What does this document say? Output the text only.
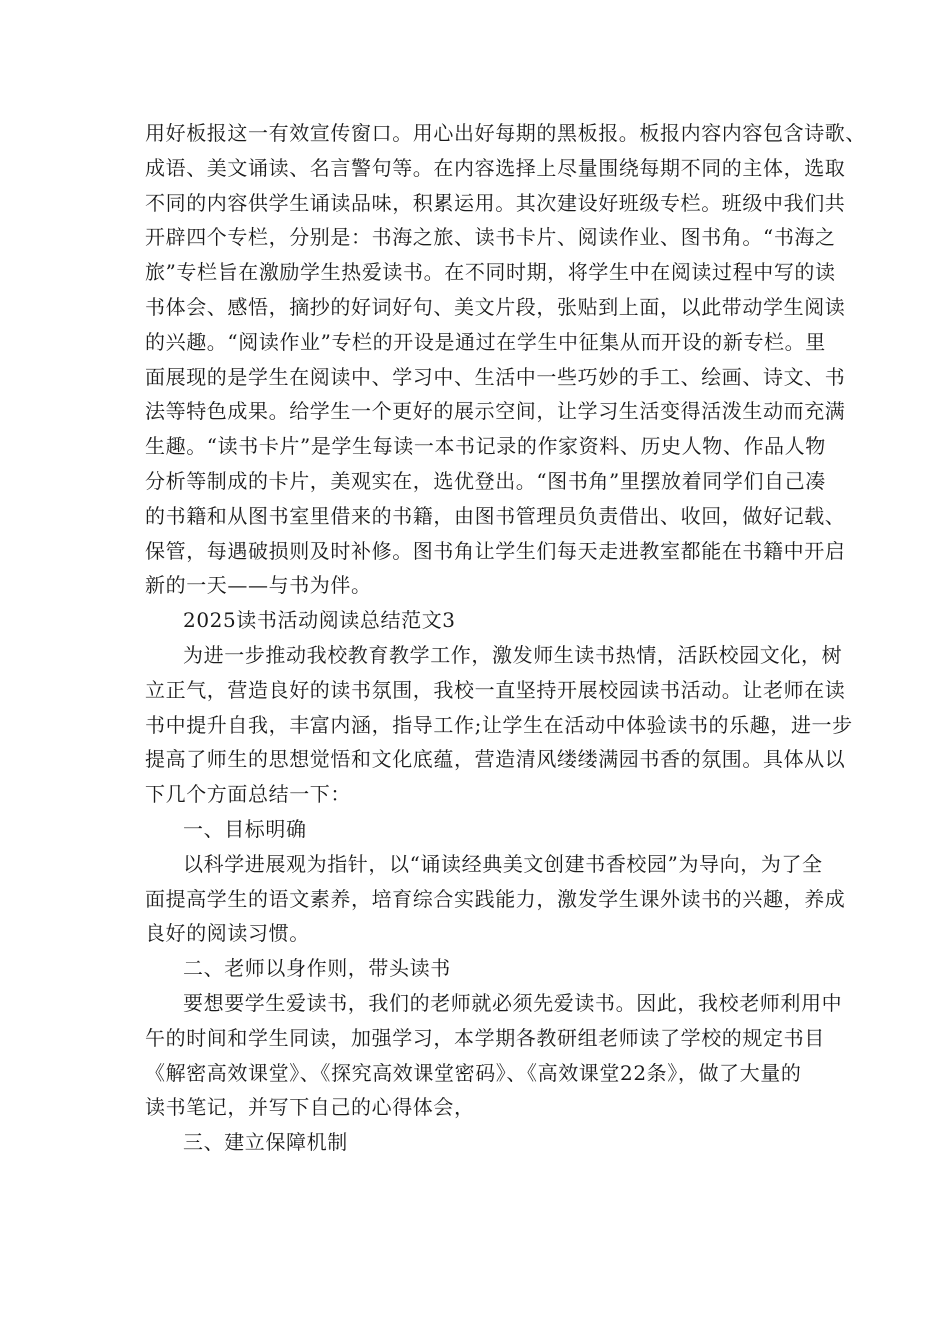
用好板报这一有效宣传窗口。用心出好每期的黑板报。板报内容内容包含诗歌、
成语、美文诵读、名言警句等。在内容选择上尽量围绕每期不同的主体，选取
不同的内容供学生诵读品味，积累运用。其次建设好班级专栏。班级中我们共
开辟四个专栏，分别是：书海之旅、读书卡片、阅读作业、图书角。“书海之
旅”专栏旨在激励学生热爱读书。在不同时期，将学生中在阅读过程中写的读
书体会、感悟，摘抄的好词好句、美文片段，张贴到上面，以此带动学生阅读
的兴趣。“阅读作业”专栏的开设是通过在学生中征集从而开设的新专栏。里
面展现的是学生在阅读中、学习中、生活中一些巧妙的手工、绘画、诗文、书
法等特色成果。给学生一个更好的展示空间，让学习生活变得活泼生动而充满
生趣。“读书卡片”是学生每读一本书记录的作家资料、历史人物、作品人物
分析等制成的卡片，美观实在，选优登出。“图书角”里摆放着同学们自己凑
的书籍和从图书室里借来的书籍，由图书管理员负责借出、收回，做好记载、
保管，每遇破损则及时补修。图书角让学生们每天走进教室都能在书籍中开启
新的一天——与书为伴。
2025读书活动阅读总结范文3
为进一步推动我校教育教学工作，激发师生读书热情，活跃校园文化，树
立正气，营造良好的读书氛围，我校一直坚持开展校园读书活动。让老师在读
书中提升自我，丰富内涵，指导工作;让学生在活动中体验读书的乐趣，进一步
提高了师生的思想觉悟和文化底蕴，营造清风缕缕满园书香的氛围。具体从以
下几个方面总结一下：
一、目标明确
以科学进展观为指针，以“诵读经典美文创建书香校园”为导向，为了全
面提高学生的语文素养，培育综合实践能力，激发学生课外读书的兴趣，养成
良好的阅读习惯。
二、老师以身作则，带头读书
要想要学生爱读书，我们的老师就必须先爱读书。因此，我校老师利用中
午的时间和学生同读，加强学习，本学期各教研组老师读了学校的规定书目
《解密高效课堂》、《探究高效课堂密码》、《高效课堂22条》，做了大量的
读书笔记，并写下自己的心得体会，
三、建立保障机制
